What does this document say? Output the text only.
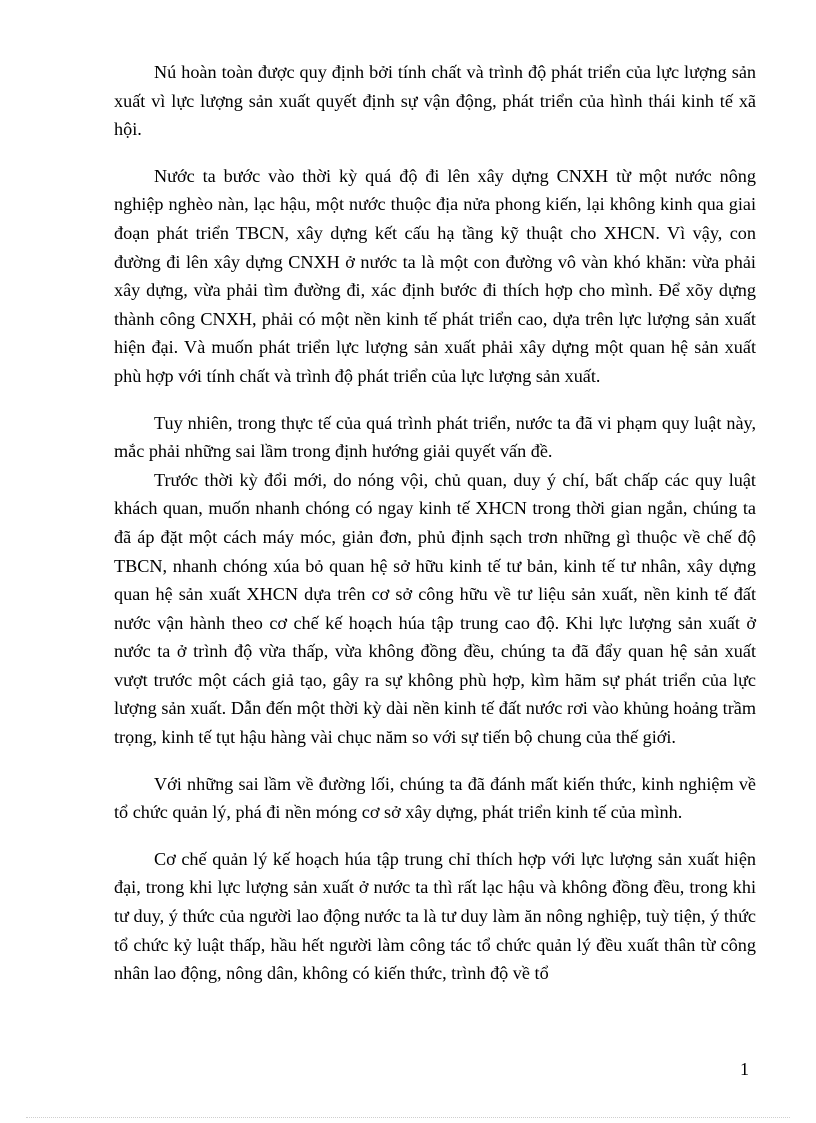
Nú hoàn toàn được quy định bởi tính chất và trình độ phát triển của lực lượng sản xuất vì lực lượng sản xuất quyết định sự vận động, phát triển của hình thái kinh tế xã hội.

Nước ta bước vào thời kỳ quá độ đi lên xây dựng CNXH từ một nước nông nghiệp nghèo nàn, lạc hậu, một nước thuộc địa nửa phong kiến, lại không kinh qua giai đoạn phát triển TBCN, xây dựng kết cấu hạ tầng kỹ thuật cho XHCN. Vì vậy, con đường đi lên xây dựng CNXH ở nước ta là một con đường vô vàn khó khăn: vừa phải xây dựng, vừa phải tìm đường đi, xác định bước đi thích hợp cho mình. Để xõy dựng thành công CNXH, phải có một nền kinh tế phát triển cao, dựa trên lực lượng sản xuất hiện đại. Và muốn phát triển lực lượng sản xuất phải xây dựng một quan hệ sản xuất phù hợp với tính chất và trình độ phát triển của lực lượng sản xuất.

Tuy nhiên, trong thực tế của quá trình phát triển, nước ta đã vi phạm quy luật này, mắc phải những sai lầm trong định hướng giải quyết vấn đề.

Trước thời kỳ đổi mới, do nóng vội, chủ quan, duy ý chí, bất chấp các quy luật khách quan, muốn nhanh chóng có ngay kinh tế XHCN trong thời gian ngắn, chúng ta đã áp đặt một cách máy móc, giản đơn, phủ định sạch trơn những gì thuộc về chế độ TBCN, nhanh chóng xúa bỏ quan hệ sở hữu kinh tế tư bản, kinh tế tư nhân, xây dựng quan hệ sản xuất XHCN dựa trên cơ sở công hữu về tư liệu sản xuất, nền kinh tế đất nước vận hành theo cơ chế kế hoạch húa tập trung cao độ. Khi lực lượng sản xuất ở nước ta ở trình độ vừa thấp, vừa không đồng đều, chúng ta đã đẩy quan hệ sản xuất vượt trước một cách giả tạo, gây ra sự không phù hợp, kìm hãm sự phát triển của lực lượng sản xuất. Dẫn đến một thời kỳ dài nền kinh tế đất nước rơi vào khủng hoảng trầm trọng, kinh tế tụt hậu hàng vài chục năm so với sự tiến bộ chung của thế giới.

Với những sai lầm về đường lối, chúng ta đã đánh mất kiến thức, kinh nghiệm về tổ chức quản lý, phá đi nền móng cơ sở xây dựng, phát triển kinh tế của mình.

Cơ chế quản lý kế hoạch húa tập trung chỉ thích hợp với lực lượng sản xuất hiện đại, trong khi lực lượng sản xuất ở nước ta thì rất lạc hậu và không đồng đều, trong khi tư duy, ý thức của người lao động nước ta là tư duy làm ăn nông nghiệp, tuỳ tiện, ý thức tổ chức kỷ luật thấp, hầu hết người làm công tác tổ chức quản lý đều xuất thân từ công nhân lao động, nông dân, không có kiến thức, trình độ về tổ

1
